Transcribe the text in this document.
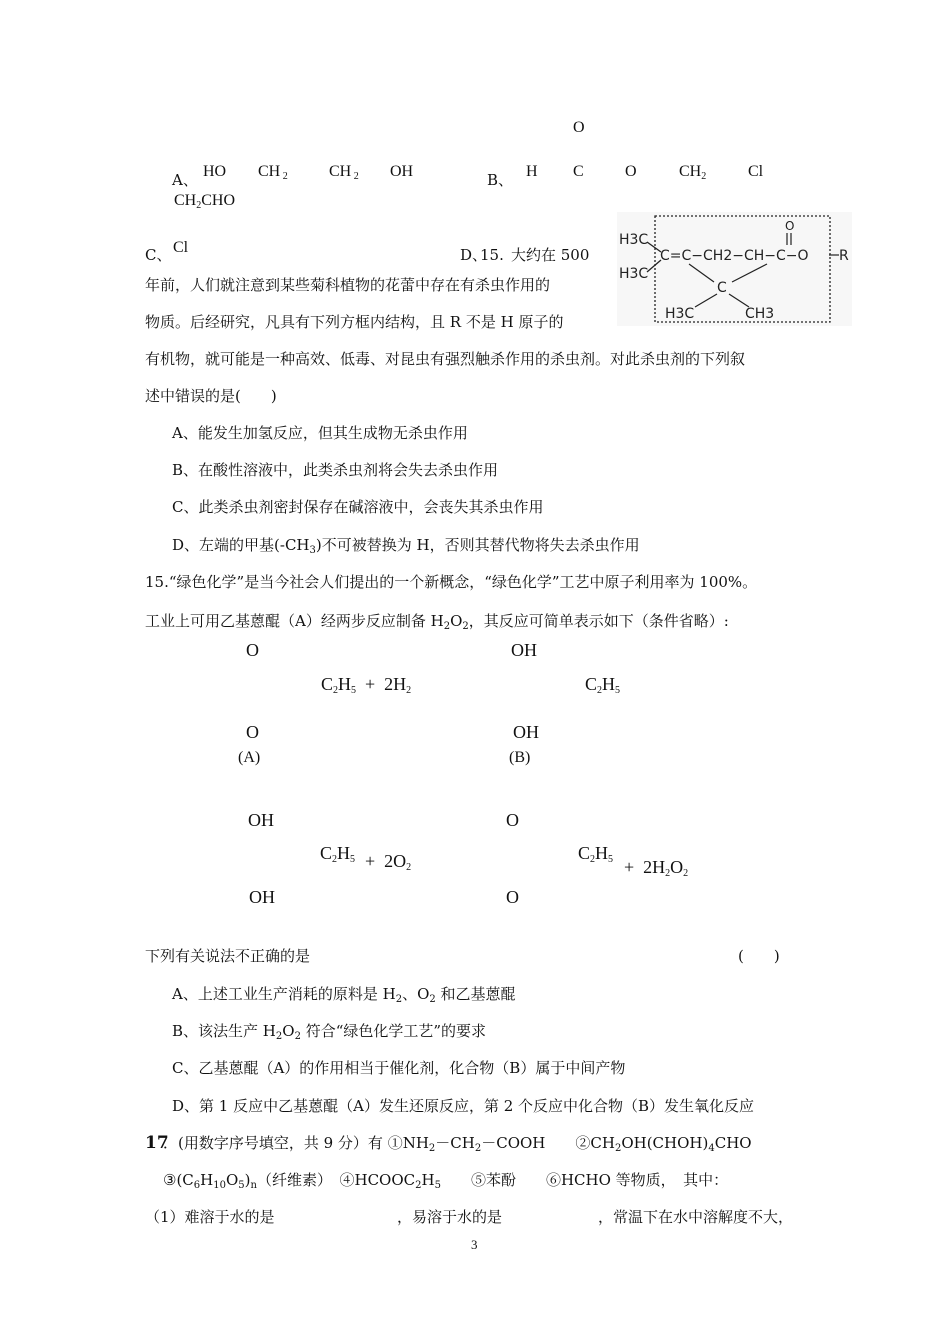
O
A、 HO CH $_2$	CH $_2$ OH	B、 H C	O	$CH_2$	Cl
$CH_2CHO$
C、 Cl	D、
15. 大约在 500
年前，人们就注意到某些菊科植物的花蕾中存在有杀虫作用的
物质。后经研究，凡具有下列方框内结构，且 R 不是 H 原子的
有机物，就可能是一种高效、低毒、对昆虫有强烈触杀作用的杀虫剂。对此杀虫剂的下列叙
述中错误的是(　　)
A、能发生加氢反应，但其生成物无杀虫作用
B、在酸性溶液中，此类杀虫剂将会失去杀虫作用
C、此类杀虫剂密封保存在碱溶液中，会丧失其杀虫作用
D、左端的甲基$(-CH_3)$不可被替换为 H，否则其替代物将失去杀虫作用
H3C
H3C
C=C−CH2−CH−C−O
O
R
C
H3C	CH3
15.“绿色化学”是当今社会人们提出的一个新概念，“绿色化学”工艺中原子利用率为 100%。
工业上可用乙基蒽醌（A）经两步反应制备 $H_2O_2$，其反应可简单表示如下（条件省略）:
O	OH
$C_2H_5 + 2H_2$	$C_2H_5$
O	OH
(A)	(B)
OH	O
$C_2H_5 + 2O_2$
$C_2H_5 + 2H_2O_2$
OH	O
下列有关说法不正确的是	(　　)
A、上述工业生产消耗的原料是 $H_2$、$O_2$ 和乙基蒽醌
B、该法生产 $H_2O_2$ 符合“绿色化学工艺”的要求
C、乙基蒽醌（A）的作用相当于催化剂，化合物（B）属于中间产物
D、第 1 反应中乙基蒽醌（A）发生还原反应，第 2 个反应中化合物（B）发生氧化反应
17
．(用数字序号填空，共 9 分）有 $①NH_2-CH_2-COOH$　　$②CH_2OH(CHOH)_4CHO$
$③(C_6H_{10}O_5)_n$（纤维素）　$④HCOOC_2H_5$　　⑤苯酚　　⑥HCHO 等物质，　其中：
（1）难溶于水的是	，易溶于水的是	，常温下在水中溶解度不大，
3
